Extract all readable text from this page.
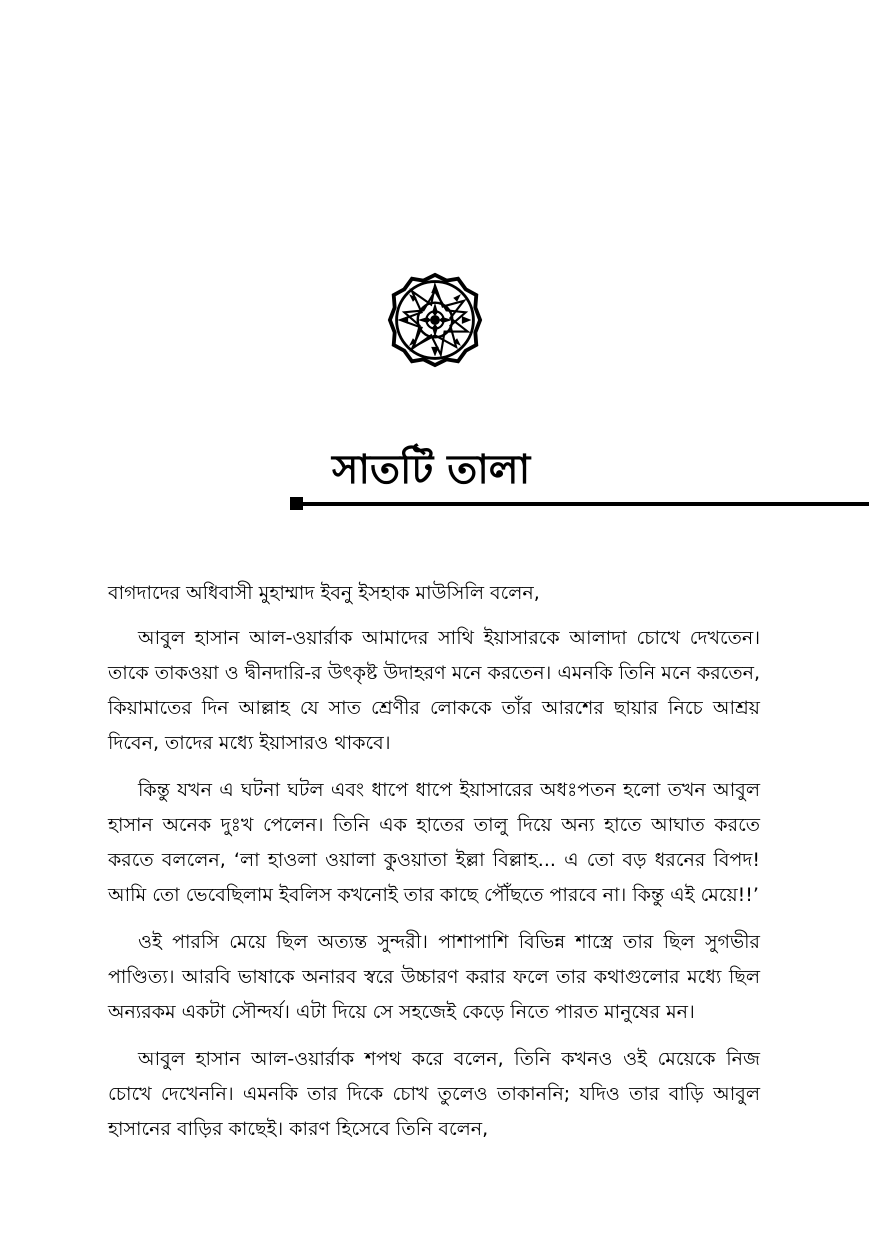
সাতটি তালা

বাগদাদের অধিবাসী মুহাম্মাদ ইবনু ইসহাক মাউসিলি বলেন,

আবুল হাসান আল-ওয়ার্রাক আমাদের সাথি ইয়াসারকে আলাদা চোখে দেখতেন। তাকে তাকওয়া ও দ্বীনদারি-র উৎকৃষ্ট উদাহরণ মনে করতেন। এমনকি তিনি মনে করতেন, কিয়ামাতের দিন আল্লাহ যে সাত শ্রেণীর লোককে তাঁর আরশের ছায়ার নিচে আশ্রয় দিবেন, তাদের মধ্যে ইয়াসারও থাকবে।

কিন্তু যখন এ ঘটনা ঘটল এবং ধাপে ধাপে ইয়াসারের অধঃপতন হলো তখন আবুল হাসান অনেক দুঃখ পেলেন। তিনি এক হাতের তালু দিয়ে অন্য হাতে আঘাত করতে করতে বললেন, ‘লা হাওলা ওয়ালা কুওয়াতা ইল্লা বিল্লাহ... এ তো বড় ধরনের বিপদ! আমি তো ভেবেছিলাম ইবলিস কখনোই তার কাছে পৌঁছতে পারবে না। কিন্তু এই মেয়ে!!’

ওই পারসি মেয়ে ছিল অত্যন্ত সুন্দরী। পাশাপাশি বিভিন্ন শাস্ত্রে তার ছিল সুগভীর পাণ্ডিত্য। আরবি ভাষাকে অনারব স্বরে উচ্চারণ করার ফলে তার কথাগুলোর মধ্যে ছিল অন্যরকম একটা সৌন্দর্য। এটা দিয়ে সে সহজেই কেড়ে নিতে পারত মানুষের মন।

আবুল হাসান আল-ওয়ার্রাক শপথ করে বলেন, তিনি কখনও ওই মেয়েকে নিজ চোখে দেখেননি। এমনকি তার দিকে চোখ তুলেও তাকাননি; যদিও তার বাড়ি আবুল হাসানের বাড়ির কাছেই। কারণ হিসেবে তিনি বলেন,
